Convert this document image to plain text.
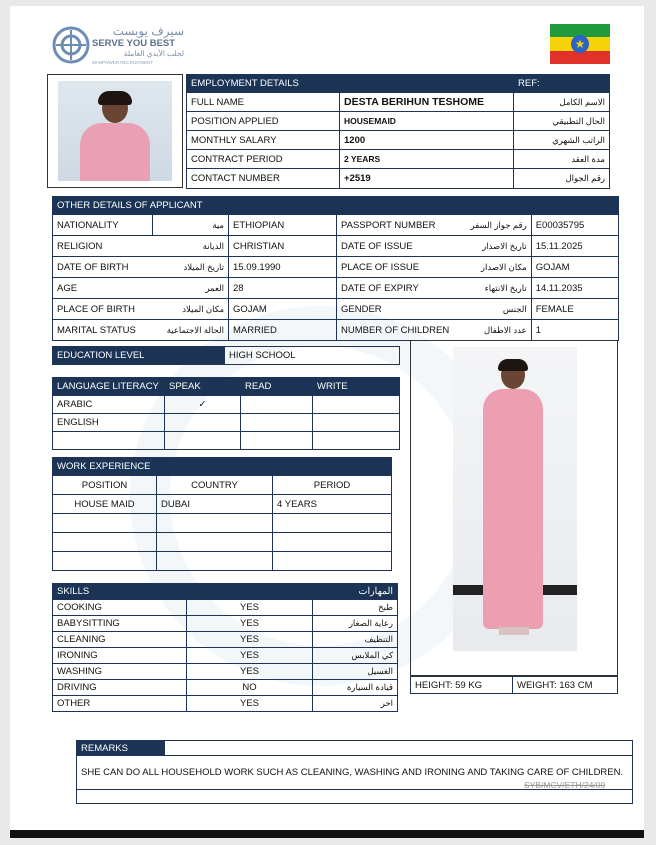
سيرف يوبست
SERVE YOU BEST
لجلب الأيدي العاملة
MANPOWER RECRUITMENT
★
EMPLOYMENT DETAILS		REF:
FULL NAME	DESTA BERIHUN TESHOME	الاسم الكامل
POSITION APPLIED	HOUSEMAID	الحال التطبيقي
MONTHLY SALARY	1200	الراتب الشهري
CONTRACT PERIOD	2 YEARS	مدة العقد
CONTACT NUMBER	+2519	رقم الجوال
OTHER DETAILS OF APPLICANT					
NATIONALITY	مية	ETHIOPIAN	PASSPORT NUMBER	رقم جواز السفر	E00035795
RELIGION	الديانة	CHRISTIAN	DATE OF ISSUE	تاريخ الاصدار	15.11.2025
DATE OF BIRTH	تاريخ الميلاد	15.09.1990	PLACE OF ISSUE	مكان الاصدار	GOJAM
AGE	العمر	28	DATE OF EXPIRY	تاريخ الانتهاء	14.11.2035
PLACE OF BIRTH	مكان الميلاد	GOJAM	GENDER	الجنس	FEMALE
MARITAL STATUS	الحالة الاجتماعية	MARRIED	NUMBER OF CHILDREN	عدد الاطفال	1
EDUCATION LEVEL	HIGH SCHOOL
LANGUAGE LITERACY	SPEAK	READ	WRITE
ARABIC	✓		
ENGLISH			

WORK EXPERIENCE		
POSITION	COUNTRY	PERIOD
HOUSE MAID	DUBAI	4 YEARS

SKILLS		المهارات
COOKING	YES	طبخ
BABYSITTING	YES	رعاية الصغار
CLEANING	YES	التنظيف
IRONING	YES	كي الملابس
WASHING	YES	الغسيل
DRIVING	NO	قيادة السيارة
OTHER	YES	اخر
HEIGHT: 59 KG	WEIGHT: 163 CM
REMARKS	
SHE CAN DO ALL HOUSEHOLD WORK SUCH AS CLEANING, WASHING AND IRONING AND TAKING CARE OF CHILDREN.

SYB/MCV/ETH/24/09
